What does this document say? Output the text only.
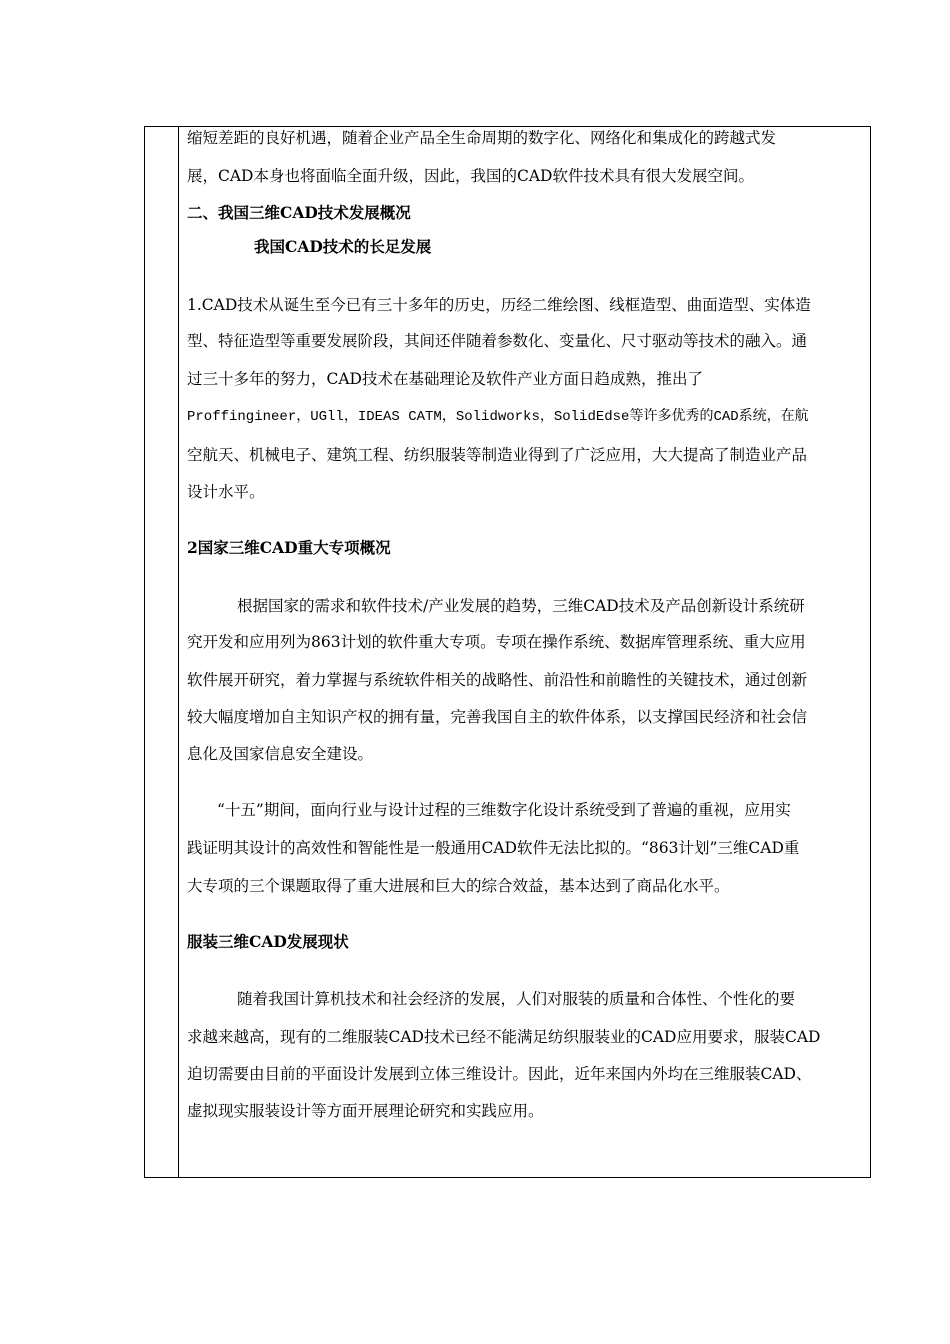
缩短差距的良好机遇，随着企业产品全生命周期的数字化、网络化和集成化的跨越式发
展，CAD本身也将面临全面升级，因此，我国的CAD软件技术具有很大发展空间。
二、我国三维CAD技术发展概况
我国CAD技术的长足发展
1.CAD技术从诞生至今已有三十多年的历史，历经二维绘图、线框造型、曲面造型、实体造
型、特征造型等重要发展阶段，其间还伴随着参数化、变量化、尺寸驱动等技术的融入。通
过三十多年的努力，CAD技术在基础理论及软件产业方面日趋成熟，推出了
Proffingineer，UGll，IDEAS CATM，Solidworks，SolidEdse等许多优秀的CAD系统，在航
空航天、机械电子、建筑工程、纺织服装等制造业得到了广泛应用，大大提高了制造业产品
设计水平。
2国家三维CAD重大专项概况
根据国家的需求和软件技术/产业发展的趋势，三维CAD技术及产品创新设计系统研
究开发和应用列为863计划的软件重大专项。专项在操作系统、数据库管理系统、重大应用
软件展开研究，着力掌握与系统软件相关的战略性、前沿性和前瞻性的关键技术，通过创新
较大幅度增加自主知识产权的拥有量，完善我国自主的软件体系，以支撑国民经济和社会信
息化及国家信息安全建设。
“十五”期间，面向行业与设计过程的三维数字化设计系统受到了普遍的重视，应用实
践证明其设计的高效性和智能性是一般通用CAD软件无法比拟的。“863计划”三维CAD重
大专项的三个课题取得了重大进展和巨大的综合效益，基本达到了商品化水平。
服装三维CAD发展现状
随着我国计算机技术和社会经济的发展，人们对服装的质量和合体性、个性化的要
求越来越高，现有的二维服装CAD技术已经不能满足纺织服装业的CAD应用要求，服装CAD
迫切需要由目前的平面设计发展到立体三维设计。因此，近年来国内外均在三维服装CAD、
虚拟现实服装设计等方面开展理论研究和实践应用。
